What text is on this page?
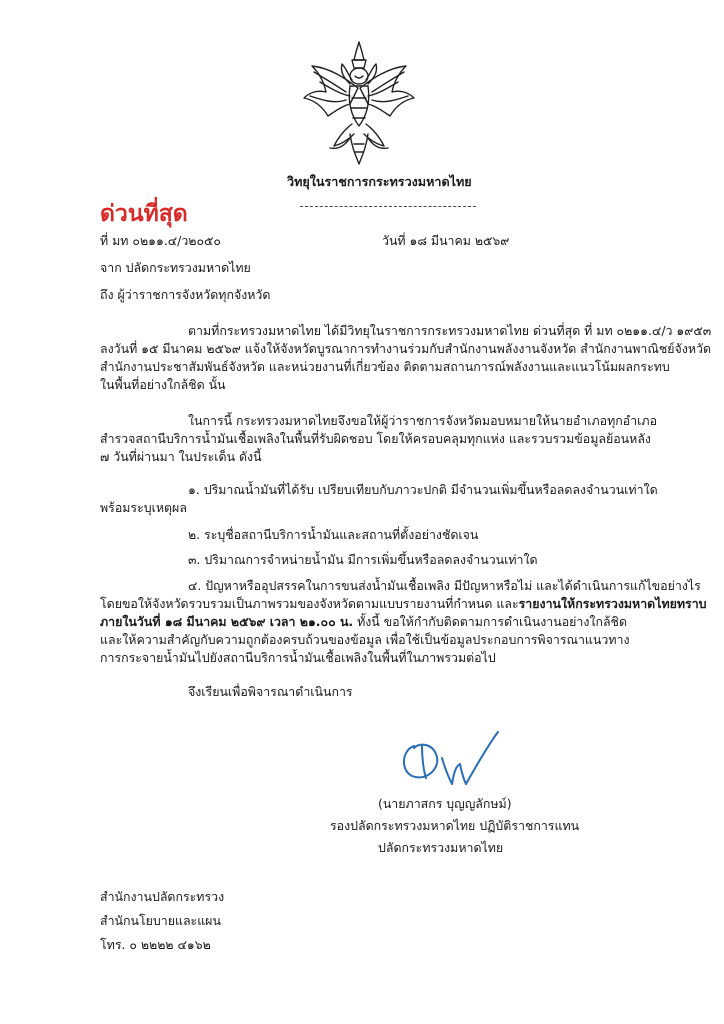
วิทยุในราชการกระทรวงมหาดไทย
ด่วนที่สุด
ที่ มท ๐๒๑๑.๔/ว๒๐๕๐	วันที่ ๑๘ มีนาคม ๒๕๖๙
จาก ปลัดกระทรวงมหาดไทย
ถึง ผู้ว่าราชการจังหวัดทุกจังหวัด
ตามที่กระทรวงมหาดไทย ได้มีวิทยุในราชการกระทรวงมหาดไทย ด่วนที่สุด ที่ มท ๐๒๑๑.๔/ว ๑๙๕๓
ลงวันที่ ๑๕ มีนาคม ๒๕๖๙ แจ้งให้จังหวัดบูรณาการทำงานร่วมกับสำนักงานพลังงานจังหวัด สำนักงานพาณิชย์จังหวัด
สำนักงานประชาสัมพันธ์จังหวัด และหน่วยงานที่เกี่ยวข้อง ติดตามสถานการณ์พลังงานและแนวโน้มผลกระทบ
ในพื้นที่อย่างใกล้ชิด นั้น
ในการนี้ กระทรวงมหาดไทยจึงขอให้ผู้ว่าราชการจังหวัดมอบหมายให้นายอำเภอทุกอำเภอ
สำรวจสถานีบริการน้ำมันเชื้อเพลิงในพื้นที่รับผิดชอบ โดยให้ครอบคลุมทุกแห่ง และรวบรวมข้อมูลย้อนหลัง
๗ วันที่ผ่านมา ในประเด็น ดังนี้
๑. ปริมาณน้ำมันที่ได้รับ เปรียบเทียบกับภาวะปกติ มีจำนวนเพิ่มขึ้นหรือลดลงจำนวนเท่าใด
พร้อมระบุเหตุผล
๒. ระบุชื่อสถานีบริการน้ำมันและสถานที่ตั้งอย่างชัดเจน
๓. ปริมาณการจำหน่ายน้ำมัน มีการเพิ่มขึ้นหรือลดลงจำนวนเท่าใด
๔. ปัญหาหรืออุปสรรคในการขนส่งน้ำมันเชื้อเพลิง มีปัญหาหรือไม่ และได้ดำเนินการแก้ไขอย่างไร
โดยขอให้จังหวัดรวบรวมเป็นภาพรวมของจังหวัดตามแบบรายงานที่กำหนด และรายงานให้กระทรวงมหาดไทยทราบ
ภายในวันที่ ๑๘ มีนาคม ๒๕๖๙ เวลา ๒๑.๐๐ น. ทั้งนี้ ขอให้กำกับติดตามการดำเนินงานอย่างใกล้ชิด
และให้ความสำคัญกับความถูกต้องครบถ้วนของข้อมูล เพื่อใช้เป็นข้อมูลประกอบการพิจารณาแนวทาง
การกระจายน้ำมันไปยังสถานีบริการน้ำมันเชื้อเพลิงในพื้นที่ในภาพรวมต่อไป
จึงเรียนเพื่อพิจารณาดำเนินการ
(นายภาสกร บุญญลักษม์)
รองปลัดกระทรวงมหาดไทย ปฏิบัติราชการแทน
ปลัดกระทรวงมหาดไทย
สำนักงานปลัดกระทรวง
สำนักนโยบายและแผน
โทร. ๐ ๒๒๒๒ ๔๑๖๒
